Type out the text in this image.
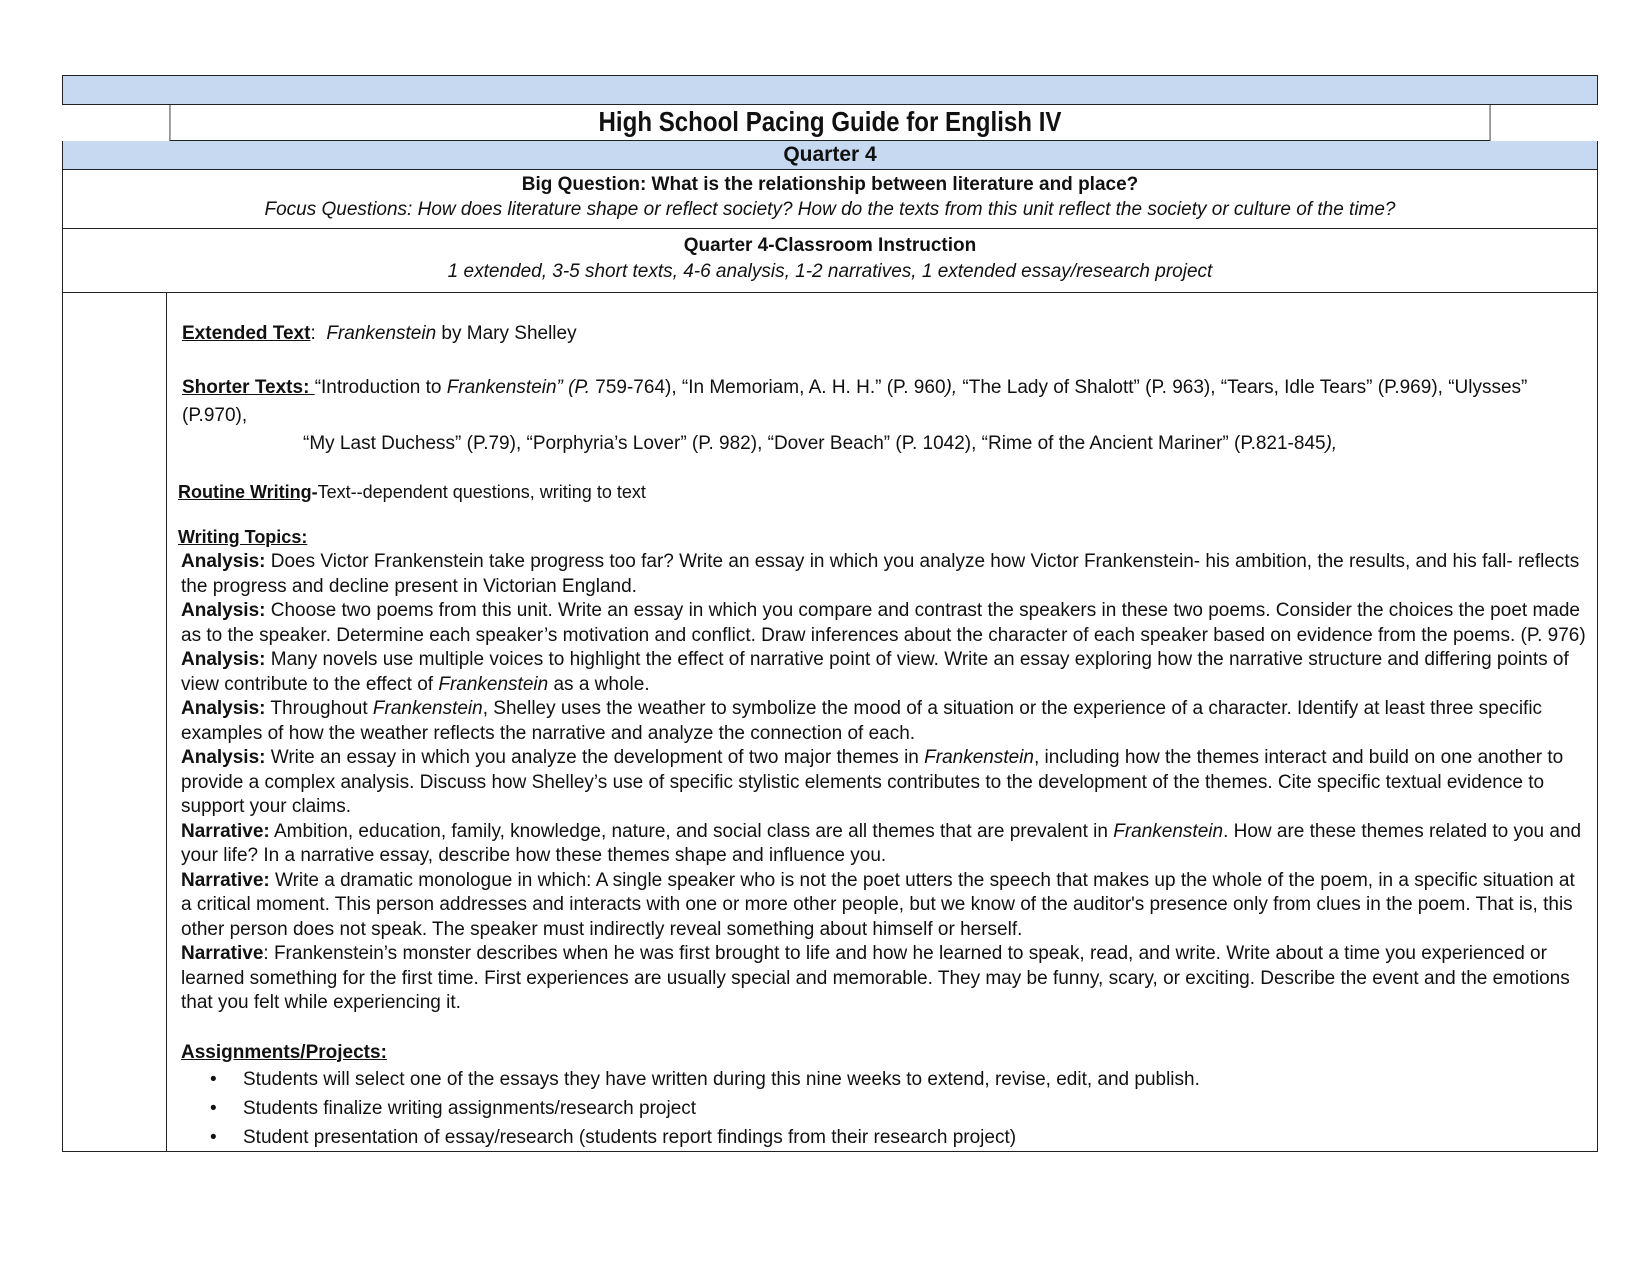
High School Pacing Guide for English IV
Quarter 4
Big Question: What is the relationship between literature and place?
Focus Questions: How does literature shape or reflect society? How do the texts from this unit reflect the society or culture of the time?
Quarter 4-Classroom Instruction
1 extended, 3-5 short texts, 4-6 analysis, 1-2 narratives, 1 extended essay/research project

Extended Text: Frankenstein by Mary Shelley

Shorter Texts: “Introduction to Frankenstein” (P. 759-764), “In Memoriam, A. H. H.” (P. 960), “The Lady of Shalott” (P. 963), “Tears, Idle Tears” (P.969), “Ulysses” (P.970),

“My Last Duchess” (P.79), “Porphyria’s Lover” (P. 982), “Dover Beach” (P. 1042), “Rime of the Ancient Mariner” (P.821-845),

Routine Writing-Text--dependent questions, writing to text

Writing Topics:

Analysis: Does Victor Frankenstein take progress too far? Write an essay in which you analyze how Victor Frankenstein- his ambition, the results, and his fall- reflects the progress and decline present in Victorian England.

Analysis: Choose two poems from this unit. Write an essay in which you compare and contrast the speakers in these two poems. Consider the choices the poet made as to the speaker. Determine each speaker’s motivation and conflict. Draw inferences about the character of each speaker based on evidence from the poems. (P. 976)

Analysis: Many novels use multiple voices to highlight the effect of narrative point of view. Write an essay exploring how the narrative structure and differing points of view contribute to the effect of Frankenstein as a whole.

Analysis: Throughout Frankenstein, Shelley uses the weather to symbolize the mood of a situation or the experience of a character. Identify at least three specific examples of how the weather reflects the narrative and analyze the connection of each.

Analysis: Write an essay in which you analyze the development of two major themes in Frankenstein, including how the themes interact and build on one another to provide a complex analysis. Discuss how Shelley’s use of specific stylistic elements contributes to the development of the themes. Cite specific textual evidence to support your claims.

Narrative: Ambition, education, family, knowledge, nature, and social class are all themes that are prevalent in Frankenstein. How are these themes related to you and your life? In a narrative essay, describe how these themes shape and influence you.

Narrative: Write a dramatic monologue in which: A single speaker who is not the poet utters the speech that makes up the whole of the poem, in a specific situation at a critical moment. This person addresses and interacts with one or more other people, but we know of the auditor's presence only from clues in the poem. That is, this other person does not speak. The speaker must indirectly reveal something about himself or herself.

Narrative: Frankenstein’s monster describes when he was first brought to life and how he learned to speak, read, and write. Write about a time you experienced or learned something for the first time. First experiences are usually special and memorable. They may be funny, scary, or exciting. Describe the event and the emotions that you felt while experiencing it.

Assignments/Projects:

• Students will select one of the essays they have written during this nine weeks to extend, revise, edit, and publish.
• Students finalize writing assignments/research project
• Student presentation of essay/research (students report findings from their research project)
